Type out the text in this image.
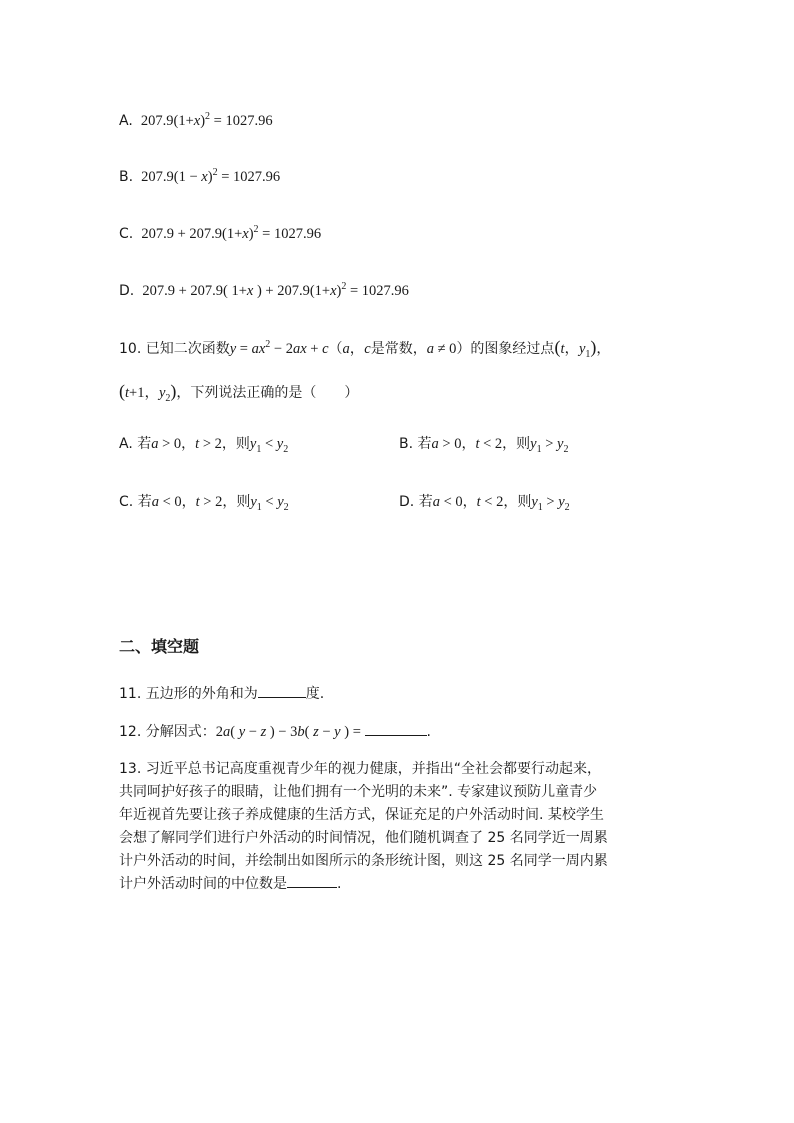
A.  $207.9(1+x)^2 = 1027.96$
B.  $207.9(1 - x)^2 = 1027.96$
C.  $207.9 + 207.9(1+x)^2 = 1027.96$
D.  207.9 + 207.9( 1+x ) + $207.9(1+x)^2 = 1027.96$
10. 已知二次函数$y = ax^2 - 2ax + c(a$，c是常数，a ≠ 0）的图象经过点(t，$y_1$)，
(t+1，$y_2$)，下列说法正确的是（　　）
A. 若a > 0，t > 2，则$y_1 < y_2$	B. 若a > 0，t < 2，则$y_1 > y_2$
C. 若a < 0，t > 2，则$y_1 < y_2$	D. 若a < 0，t < 2，则$y_1 > y_2$
二、填空题
11. 五边形的外角和为	度.
12. 分解因式：2a( y − z ) − 3b( z − y ) =	.
13. 习近平总书记高度重视青少年的视力健康，并指出“全社会都要行动起来，
共同呵护好孩子的眼睛，让他们拥有一个光明的未来”. 专家建议预防儿童青少
年近视首先要让孩子养成健康的生活方式，保证充足的户外活动时间. 某校学生
会想了解同学们进行户外活动的时间情况，他们随机调查了 25 名同学近一周累
计户外活动的时间，并绘制出如图所示的条形统计图，则这 25 名同学一周内累
计户外活动时间的中位数是	.
